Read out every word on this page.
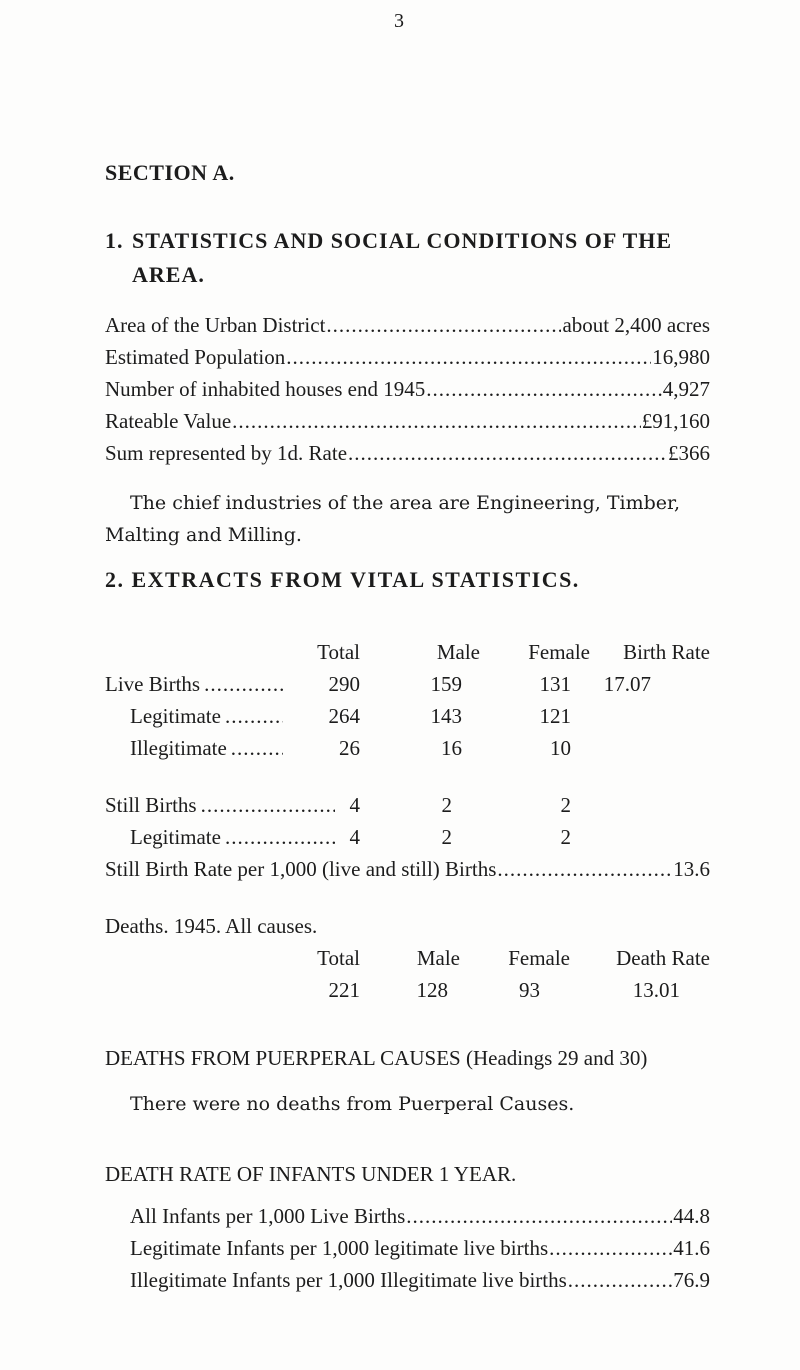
3
SECTION A.
1. STATISTICS AND SOCIAL CONDITIONS OF THE
AREA.
Area of the Urban District .....	about 2,400 acres
Estimated Population .....	16,980
Number of inhabited houses end 1945 .....	4,927
Rateable Value .....	£91,160
Sum represented by 1d. Rate .....	£366
The chief industries of the area are Engineering, Timber,
Malting and Milling.
2. EXTRACTS FROM VITAL STATISTICS.
Total	Male	Female	Birth Rate
Live Births .....	290	159	131	17.07
Legitimate .....	264	143	121
Illegitimate .....	26	16	10
Still Births .....	4	2	2
Legitimate .....	4	2	2
Still Birth Rate per 1,000 (live and still) Births .....	13.6
Deaths. 1945. All causes.
Total	Male	Female	Death Rate
221	128	93	13.01
DEATHS FROM PUERPERAL CAUSES (Headings 29 and 30)
There were no deaths from Puerperal Causes.
DEATH RATE OF INFANTS UNDER 1 YEAR.
All Infants per 1,000 Live Births .....	44.8
Legitimate Infants per 1,000 legitimate live births .....	41.6
Illegitimate Infants per 1,000 Illegitimate live births .....	76.9
